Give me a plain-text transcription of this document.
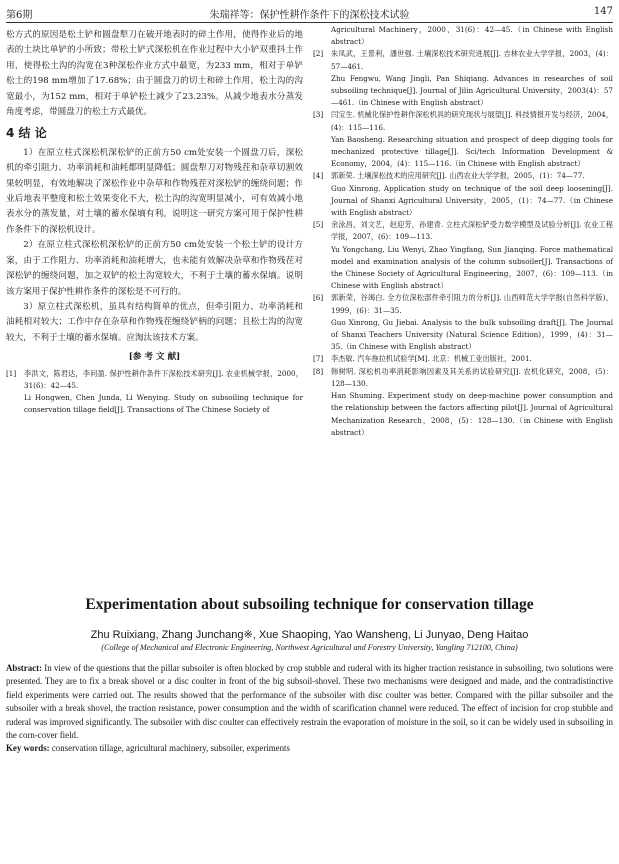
第6期	朱瑞祥等：保护性耕作条件下的深松技术试验	147

松方式的原因是松土铲和圆盘犁刀在破开地表时的碎土作用，使得作业后的地表的土块比单铲的小所致；带松土铲式深松机在作业过程中大小铲双重抖土作用，使得松土沟的沟宽在3种深松作业方式中最宽，为233 mm，相对于单铲松土的198 mm增加了17.68%；由于圆盘刀的切土和碎土作用，松土沟的沟宽最小，为152 mm，相对于单铲松土减少了23.23%。从减少地表水分蒸发角度考虑，带圆盘刀的松土方式最优。

4 结 论

1）在原立柱式深松机深松铲的正前方50 cm处安装一个圆盘刀后，深松机的牵引阻力、功率消耗和油耗都明显降低；圆盘犁刀对物残茬和杂草切割效果较明显，有效地解决了深松作业中杂草和作物残茬对深松铲的缠绕问题；作业后地表平整度和松土效果变化不大，松土沟的沟宽明显减小，可有效减小地表水分的蒸发量，对土壤的蓄水保墒有利。说明这一研究方案可用于保护性耕作条件下的深松机设计。

2）在原立柱式深松机深松铲的正前方50 cm处安装一个松土铲的设计方案，由于工作阻力、功率消耗和油耗增大，也未能有效解决杂草和作物残茬对深松铲的缠绕问题，加之双铲的松土沟宽较大，不利于土壤的蓄水保墒。说明该方案用于保护性耕作条件的深松是不可行的。

3）原立柱式深松机，虽具有结构简单的优点，但牵引阻力、功率消耗和油耗相对较大；工作中存在杂草和作物残茬缠绕铲柄的问题；且松土沟的沟宽较大，不利于土壤的蓄水保墒。应淘汰该技术方案。

[参 考 文 献]
[1]	李洪文，陈君达，李问盈. 保护性耕作条件下深松技术研究[J]. 农业机械学报，2000，31(6)：42—45.
Li Hongwen, Chen Junda, Li Wenying. Study on subsoiling technique for conservation tillage field[J]. Transactions of The Chinese Society of
Agricultural Machinery，2000，31(6)：42—45.（in Chinese with English abstract）
[2]	朱凤武，王景利，潘世强. 土壤深松技术研究进展[J]. 吉林农业大学学报，2003，(4)：57—461.
Zhu Fengwu, Wang Jingli, Pan Shiqiang. Advances in researches of soil subsoiling technique[J]. Journal of Jilin Agricultural University，2003(4)：57—461.（in Chinese with English abstract）
[3]	闫宝生. 机械化保护性耕作深松机具的研究现状与展望[J]. 科技情报开发与经济，2004，(4)：115—116.
Yan Baosheng. Researching situation and prospect of deep digging tools for mechanized protective tillage[J]. Sci/tech Information Development & Economy，2004，(4)：115—116.（in Chinese with English abstract）
[4]	郭新荣. 土壤深松技术的应用研究[J]. 山西农业大学学报，2005，(1)：74—77.
Guo Xinrong. Application study on technique of the soil deep loosening[J]. Journal of Shanxi Agricultural University，2005，(1)：74—77.（in Chinese with English abstract）
[5]	余泳昌，刘文艺，赵迎芳，孙建青. 立柱式深松铲受力数学模型及试验分析[J]. 农业工程学报，2007，(6)：109—113.
Yu Yongchang, Liu Wenyi, Zhao Yingfang, Sun Jianqing. Force mathematical model and examination analysis of the column subsoiler[J]. Transactions of the Chinese Society of Agricultural Engineering，2007，(6)：109—113.（in Chinese with English abstract）
[6]	郭新荣，谷竭白. 全方位深松部件牵引阻力的分析[J]. 山西师范大学学报(自然科学版)，1999，(6)：31—35.
Guo Xinrong, Gu Jiebai. Analysis to the bulk subsoiling draft[J]. The Journal of Shanxi Teachers University (Natural Science Edition)，1999，(4)：31—35.（in Chinese with English abstract）
[7]	李杰敏. 汽车拖拉机试验学[M]. 北京：机械工业出版社，2001.
[8]	韩树明. 深松机功率消耗影响因素及其关系的试验研究[J]. 农机化研究，2008，(5)：128—130.
Han Shuming. Experiment study on deep-machine power consumption and the relationship between the factors affecting pilot[J]. Journal of Agricultural Mechanization Research，2008，(5)：128—130.（in Chinese with English abstract）
Experimentation about subsoiling technique for conservation tillage
Zhu Ruixiang, Zhang Junchang※, Xue Shaoping, Yao Wansheng, Li Junyao, Deng Haitao
(College of Mechanical and Electronic Engineering, Northwest Agricultural and Forestry University, Yangling 712100, China)

Abstract: In view of the questions that the pillar subsoiler is often blocked by crop stubble and ruderal with its higher traction resistance in subsoiling, two solutions were presented. They are to fix a break shovel or a disc coulter in front of the big subsoil-shovel. These two mechanisms were designed and made, and the contradistinctive field experiments were carried out. The results showed that the performance of the subsoiler with disc coulter was better. Compared with the pillar subsoiler and the subsoiler with a break shovel, the traction resistance, power consumption and the width of scarification channel were reduced. The effect of incision for crop stubble and ruderal was improved significantly. The subsoiler with disc coulter can effectively restrain the evaporation of moisture in the soil, so it can be widely used in subsoiling in the corn-cover field.

Key words: conservation tillage, agricultural machinery, subsoiler, experiments
